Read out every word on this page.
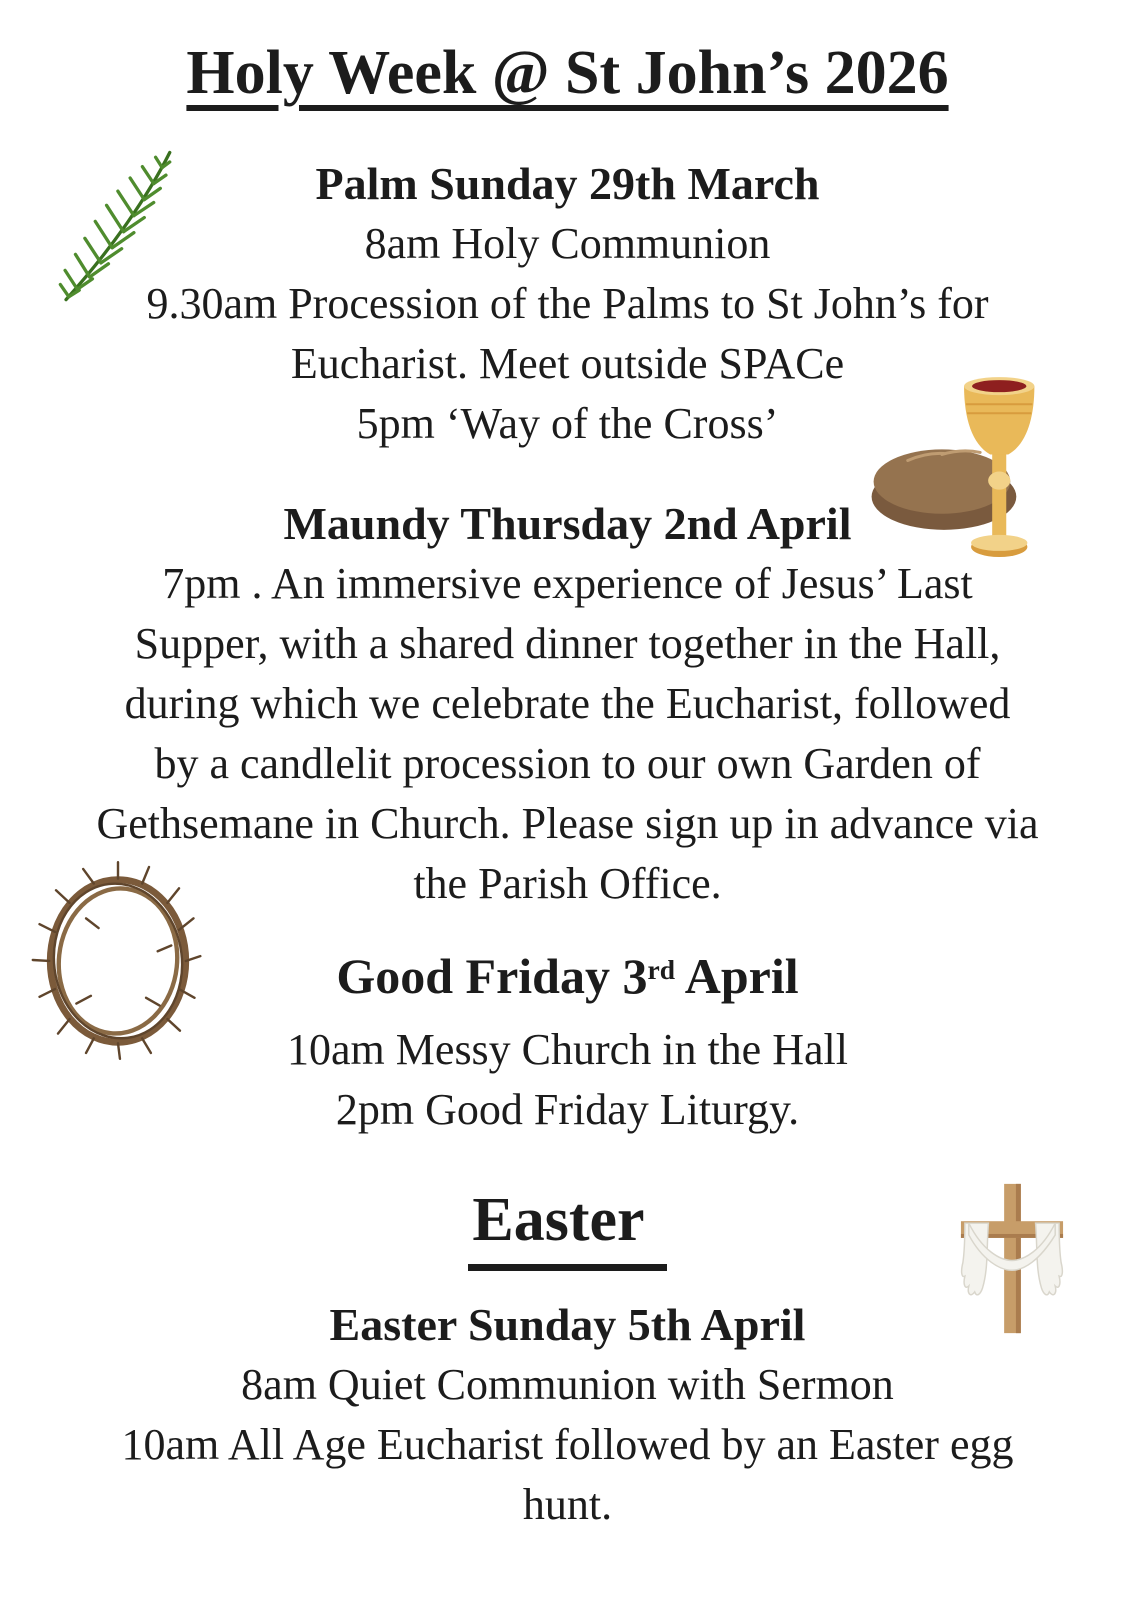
Holy Week @ St John’s 2026
Palm Sunday 29th March
8am Holy Communion
9.30am Procession of the Palms to St John’s for
Eucharist. Meet outside SPACe
5pm ‘Way of the Cross’
Maundy Thursday 2nd April
7pm . An immersive experience of Jesus’ Last
Supper, with a shared dinner together in the Hall,
during which we celebrate the Eucharist, followed
by a candlelit procession to our own Garden of
Gethsemane in Church. Please sign up in advance via
the Parish Office.
Good Friday 3rd April
10am Messy Church in the Hall
2pm Good Friday Liturgy.
Easter
Easter Sunday 5th April
8am Quiet Communion with Sermon
10am All Age Eucharist followed by an Easter egg
hunt.
